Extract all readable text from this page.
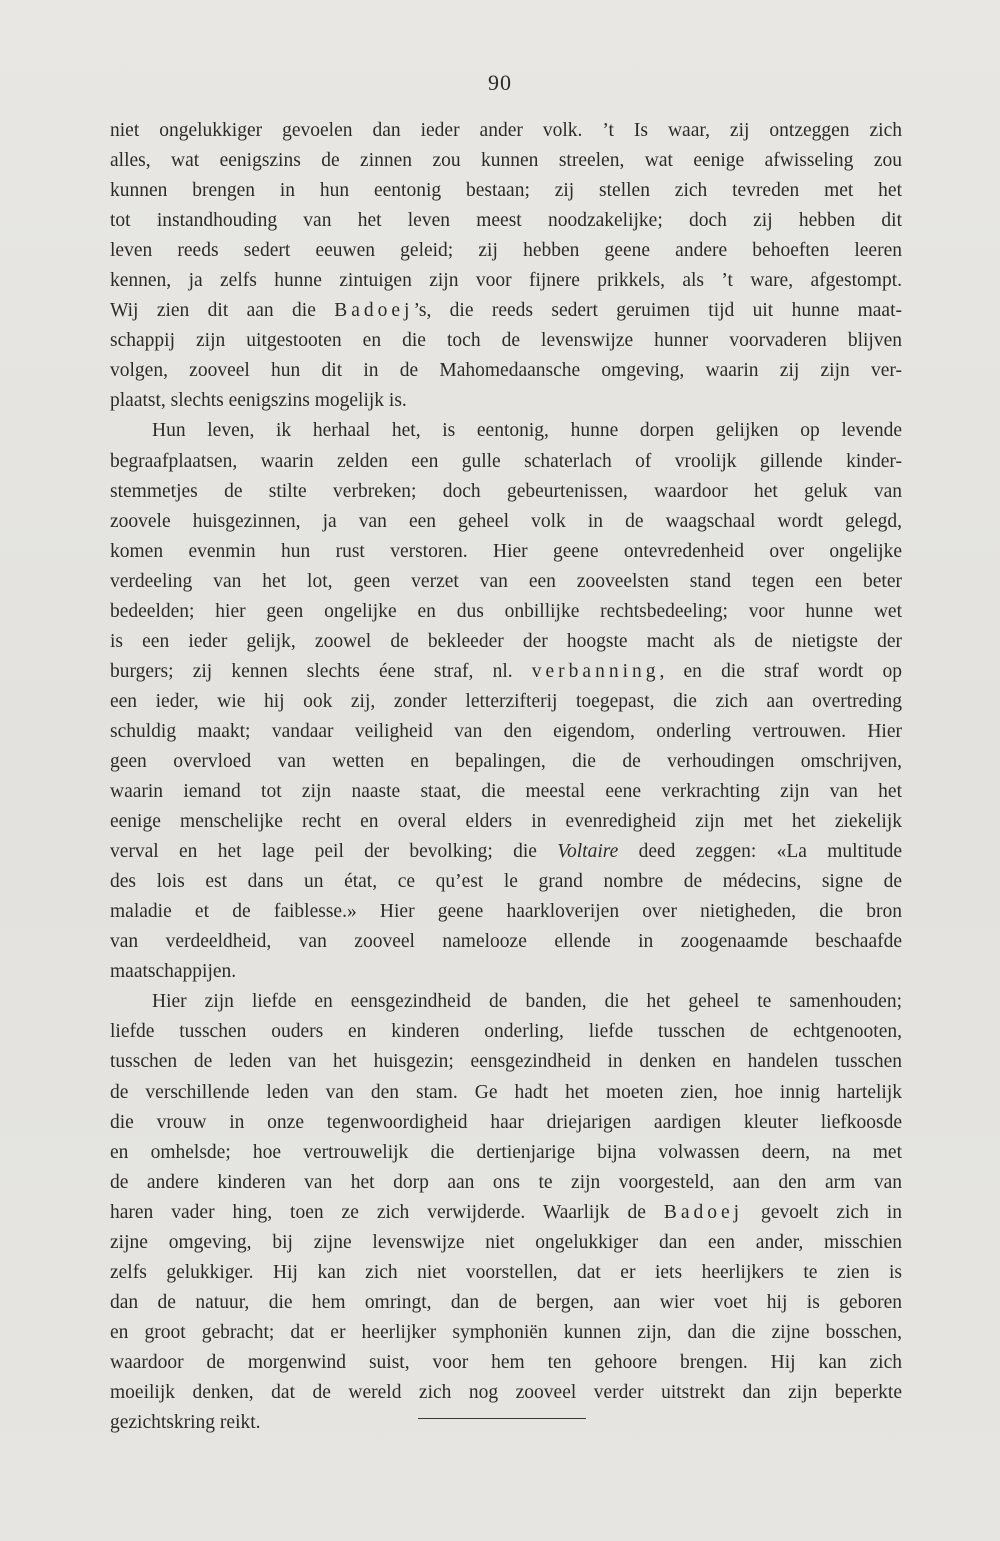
90
niet ongelukkiger gevoelen dan ieder ander volk. ’t Is waar, zij ontzeggen zich
alles, wat eenigszins de zinnen zou kunnen streelen, wat eenige afwisseling zou
kunnen brengen in hun eentonig bestaan; zij stellen zich tevreden met het
tot instandhouding van het leven meest noodzakelijke; doch zij hebben dit
leven reeds sedert eeuwen geleid; zij hebben geene andere behoeften leeren
kennen, ja zelfs hunne zintuigen zijn voor fijnere prikkels, als ’t ware, afgestompt.
Wij zien dit aan die Badoej’s, die reeds sedert geruimen tijd uit hunne maat-
schappij zijn uitgestooten en die toch de levenswijze hunner voorvaderen blijven
volgen, zooveel hun dit in de Mahomedaansche omgeving, waarin zij zijn ver-
plaatst, slechts eenigszins mogelijk is.
Hun leven, ik herhaal het, is eentonig, hunne dorpen gelijken op levende
begraafplaatsen, waarin zelden een gulle schaterlach of vroolijk gillende kinder-
stemmetjes de stilte verbreken; doch gebeurtenissen, waardoor het geluk van
zoovele huisgezinnen, ja van een geheel volk in de waagschaal wordt gelegd,
komen evenmin hun rust verstoren. Hier geene ontevredenheid over ongelijke
verdeeling van het lot, geen verzet van een zooveelsten stand tegen een beter
bedeelden; hier geen ongelijke en dus onbillijke rechtsbedeeling; voor hunne wet
is een ieder gelijk, zoowel de bekleeder der hoogste macht als de nietigste der
burgers; zij kennen slechts éene straf, nl. verbanning, en die straf wordt op
een ieder, wie hij ook zij, zonder letterzifterij toegepast, die zich aan overtreding
schuldig maakt; vandaar veiligheid van den eigendom, onderling vertrouwen. Hier
geen overvloed van wetten en bepalingen, die de verhoudingen omschrijven,
waarin iemand tot zijn naaste staat, die meestal eene verkrachting zijn van het
eenige menschelijke recht en overal elders in evenredigheid zijn met het ziekelijk
verval en het lage peil der bevolking; die Voltaire deed zeggen: «La multitude
des lois est dans un état, ce qu’est le grand nombre de médecins, signe de
maladie et de faiblesse.» Hier geene haarkloverijen over nietigheden, die bron
van verdeeldheid, van zooveel namelooze ellende in zoogenaamde beschaafde
maatschappijen.
Hier zijn liefde en eensgezindheid de banden, die het geheel te samenhouden;
liefde tusschen ouders en kinderen onderling, liefde tusschen de echtgenooten,
tusschen de leden van het huisgezin; eensgezindheid in denken en handelen tusschen
de verschillende leden van den stam. Ge hadt het moeten zien, hoe innig hartelijk
die vrouw in onze tegenwoordigheid haar driejarigen aardigen kleuter liefkoosde
en omhelsde; hoe vertrouwelijk die dertienjarige bijna volwassen deern, na met
de andere kinderen van het dorp aan ons te zijn voorgesteld, aan den arm van
haren vader hing, toen ze zich verwijderde. Waarlijk de Badoej gevoelt zich in
zijne omgeving, bij zijne levenswijze niet ongelukkiger dan een ander, misschien
zelfs gelukkiger. Hij kan zich niet voorstellen, dat er iets heerlijkers te zien is
dan de natuur, die hem omringt, dan de bergen, aan wier voet hij is geboren
en groot gebracht; dat er heerlijker symphoniën kunnen zijn, dan die zijne bosschen,
waardoor de morgenwind suist, voor hem ten gehoore brengen. Hij kan zich
moeilijk denken, dat de wereld zich nog zooveel verder uitstrekt dan zijn beperkte
gezichtskring reikt.
